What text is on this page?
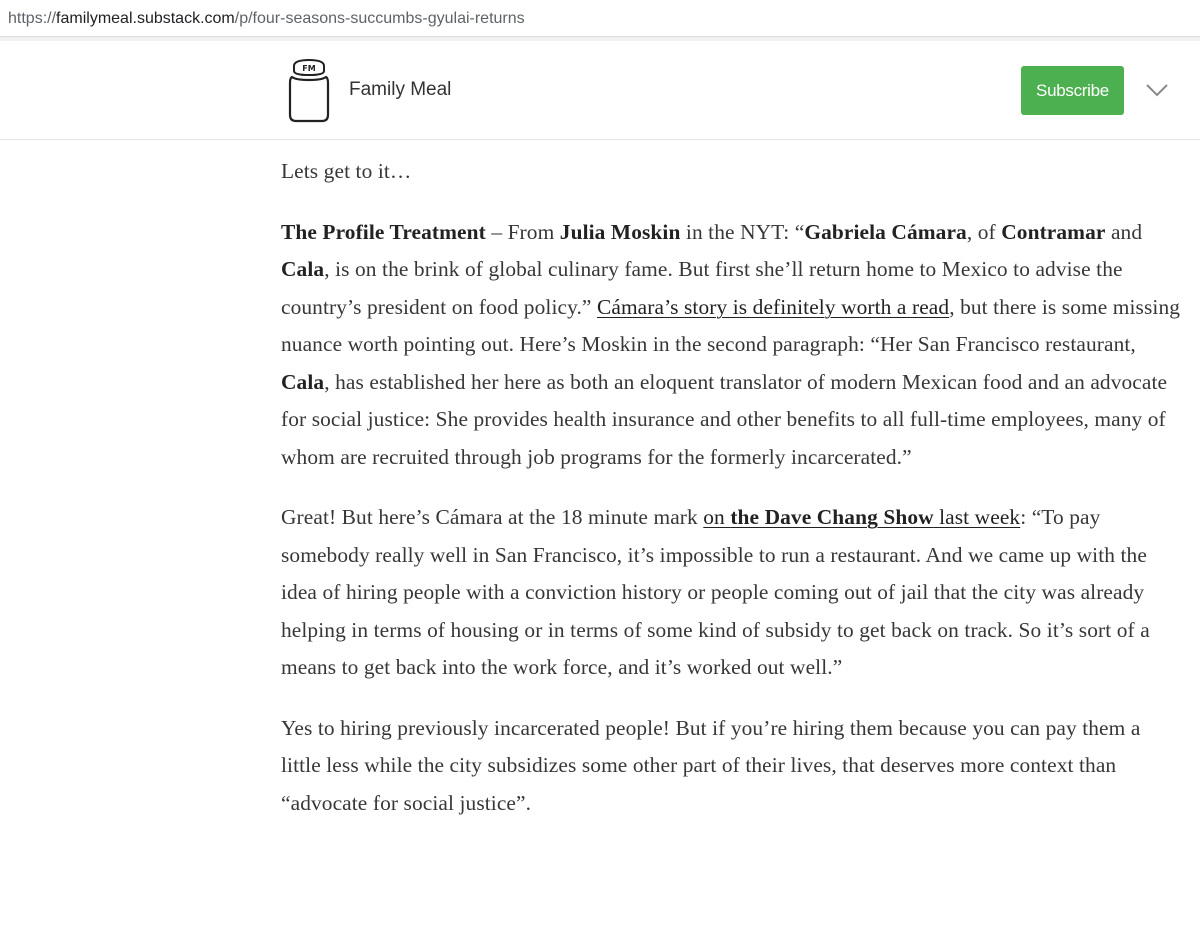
https://familymeal.substack.com/p/four-seasons-succumbs-gyulai-returns
FM
Family Meal	Subscribe

Lets get to it…

The Profile Treatment – From Julia Moskin in the NYT: “Gabriela Cámara, of Contramar and Cala, is on the brink of global culinary fame. But first she’ll return home to Mexico to advise the country’s president on food policy.” Cámara’s story is definitely worth a read, but there is some missing nuance worth pointing out. Here’s Moskin in the second paragraph: “Her San Francisco restaurant, Cala, has established her here as both an eloquent translator of modern Mexican food and an advocate for social justice: She provides health insurance and other benefits to all full-time employees, many of whom are recruited through job programs for the formerly incarcerated.”

Great! But here’s Cámara at the 18 minute mark on the Dave Chang Show last week: “To pay somebody really well in San Francisco, it’s impossible to run a restaurant. And we came up with the idea of hiring people with a conviction history or people coming out of jail that the city was already helping in terms of housing or in terms of some kind of subsidy to get back on track. So it’s sort of a means to get back into the work force, and it’s worked out well.”

Yes to hiring previously incarcerated people! But if you’re hiring them because you can pay them a little less while the city subsidizes some other part of their lives, that deserves more context than “advocate for social justice”.
